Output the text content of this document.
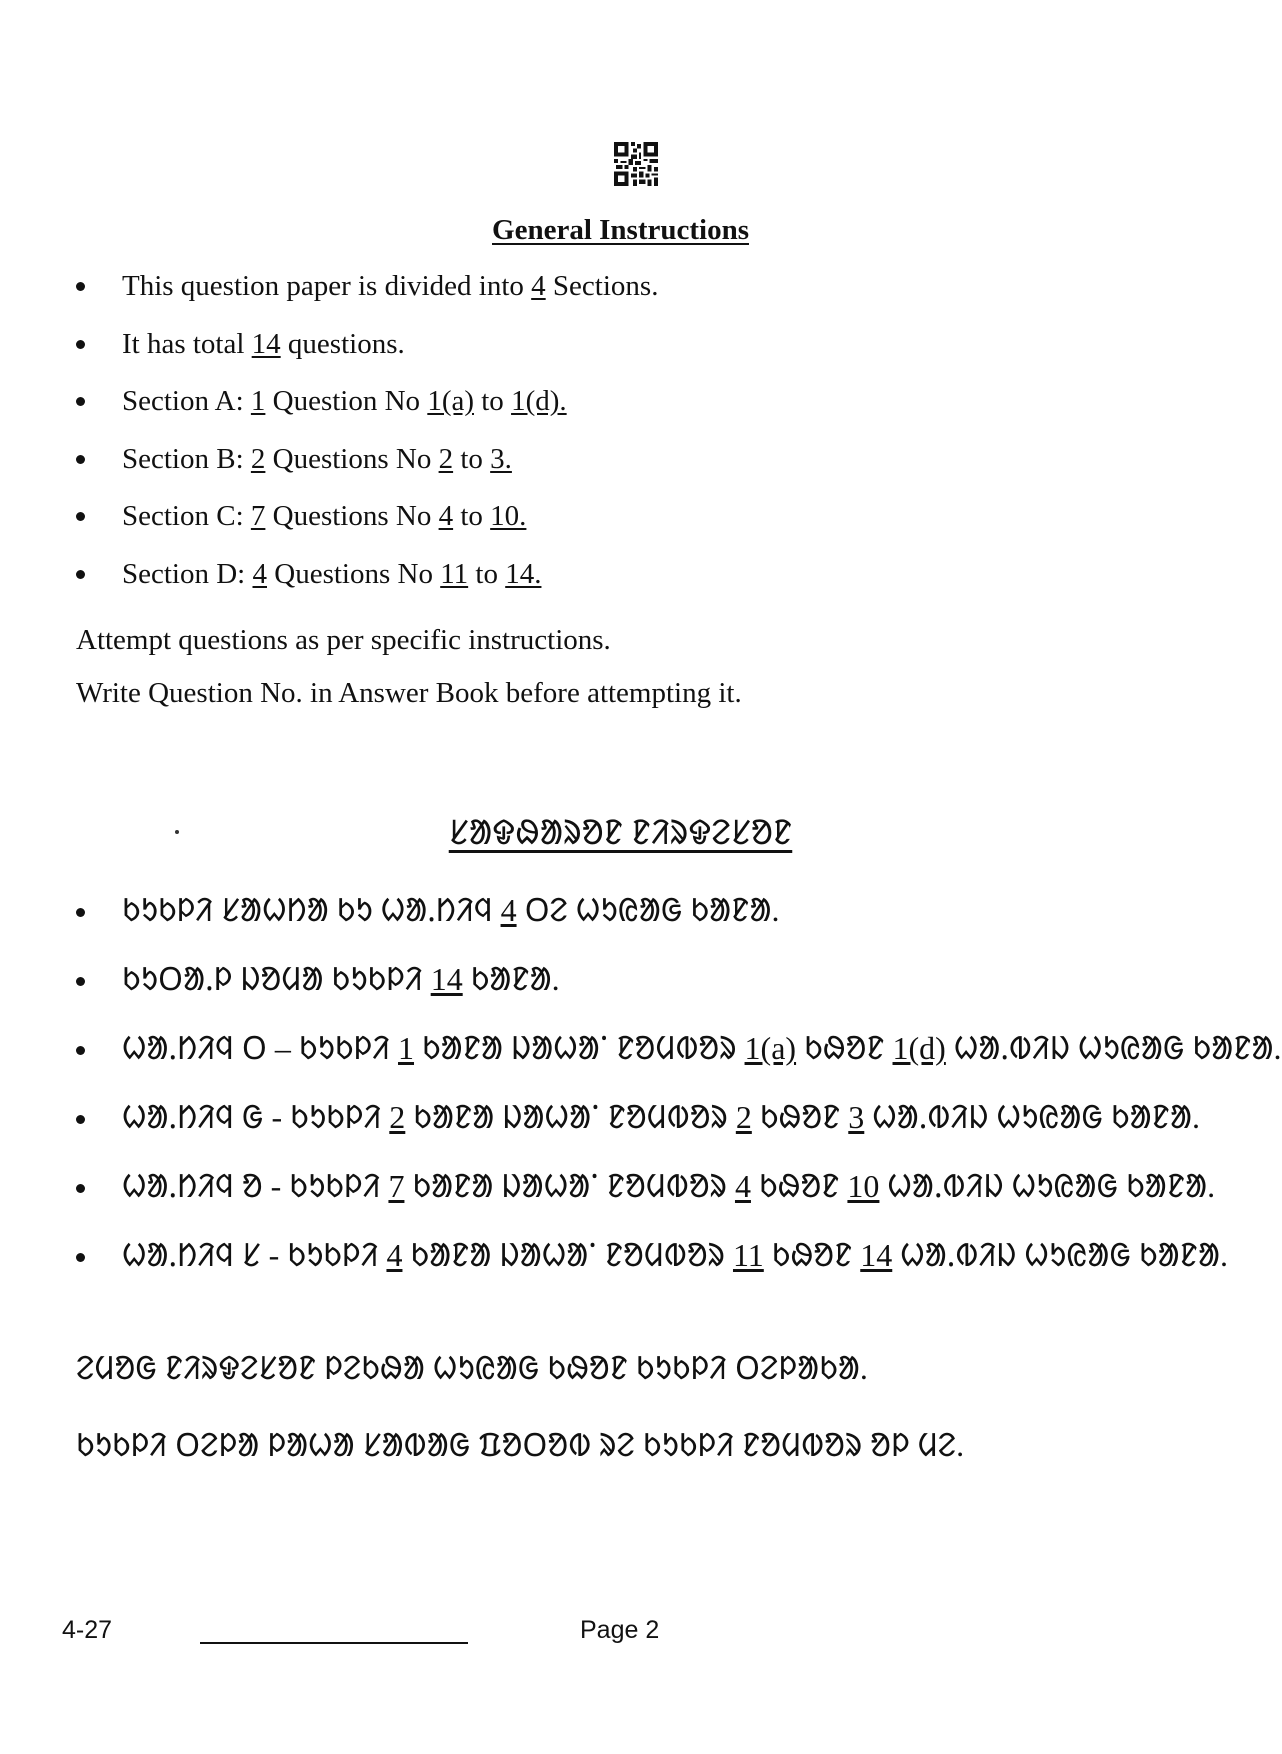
General Instructions
This question paper is divided into 4 Sections.
It has total 14 questions.
Section A: 1 Question No 1(a) to 1(d).
Section B: 2 Questions No 2 to 3.
Section C: 7 Questions No 4 to 10.
Section D: 4 Questions No 11 to 14.
Attempt questions as per specific instructions.
Write Question No. in Answer Book before attempting it.
ᱥᱟᱫᱷᱟᱨᱚᱱ ᱱᱤᱨᱫᱮᱥᱚᱱ
ᱠᱩᱠᱞᱤ ᱥᱟᱦᱴᱟ ᱠᱩ ᱦᱟᱹᱴᱤᱧ 4 ᱛᱮ ᱦᱩᱭᱟᱜ ᱠᱟᱱᱟ.
ᱠᱩᱛᱟᱹᱞ ᱡᱚᱢᱟ ᱠᱩᱠᱞᱤ 14 ᱠᱟᱱᱟ.
ᱦᱟᱹᱴᱤᱧ ᱛ – ᱠᱩᱠᱞᱤ 1 ᱠᱟᱱᱟ ᱡᱟᱦᱟᱸ ᱱᱚᱢᱵᱚᱨ 1(a) ᱠᱷᱚᱱ 1(d) ᱦᱟᱹᱵᱤᱡ ᱦᱩᱭᱟᱜ ᱠᱟᱱᱟ.
ᱦᱟᱹᱴᱤᱧ ᱜ - ᱠᱩᱠᱞᱤ 2 ᱠᱟᱱᱟ ᱡᱟᱦᱟᱸ ᱱᱚᱢᱵᱚᱨ 2 ᱠᱷᱚᱱ 3 ᱦᱟᱹᱵᱤᱡ ᱦᱩᱭᱟᱜ ᱠᱟᱱᱟ.
ᱦᱟᱹᱴᱤᱧ ᱚ - ᱠᱩᱠᱞᱤ 7 ᱠᱟᱱᱟ ᱡᱟᱦᱟᱸ ᱱᱚᱢᱵᱚᱨ 4 ᱠᱷᱚᱱ 10 ᱦᱟᱹᱵᱤᱡ ᱦᱩᱭᱟᱜ ᱠᱟᱱᱟ.
ᱦᱟᱹᱴᱤᱧ ᱥ - ᱠᱩᱠᱞᱤ 4 ᱠᱟᱱᱟ ᱡᱟᱦᱟᱸ ᱱᱚᱢᱵᱚᱨ 11 ᱠᱷᱚᱱ 14 ᱦᱟᱹᱵᱤᱡ ᱦᱩᱭᱟᱜ ᱠᱟᱱᱟ.
ᱮᱢᱚᱜ ᱱᱤᱨᱫᱮᱥᱚᱱ ᱞᱮᱠᱷᱟ ᱦᱩᱭᱟᱜ ᱠᱷᱚᱱ ᱠᱩᱠᱞᱤ ᱛᱮᱞᱟᱠᱟ.
ᱠᱩᱠᱞᱤ ᱛᱮᱞᱟ ᱞᱟᱦᱟ ᱥᱟᱵᱟᱜ ᱯᱚᱛᱚᱵ ᱨᱮ ᱠᱩᱠᱞᱤ ᱱᱚᱢᱵᱚᱨ ᱚᱞ ᱢᱮ.
4-27	Page 2
